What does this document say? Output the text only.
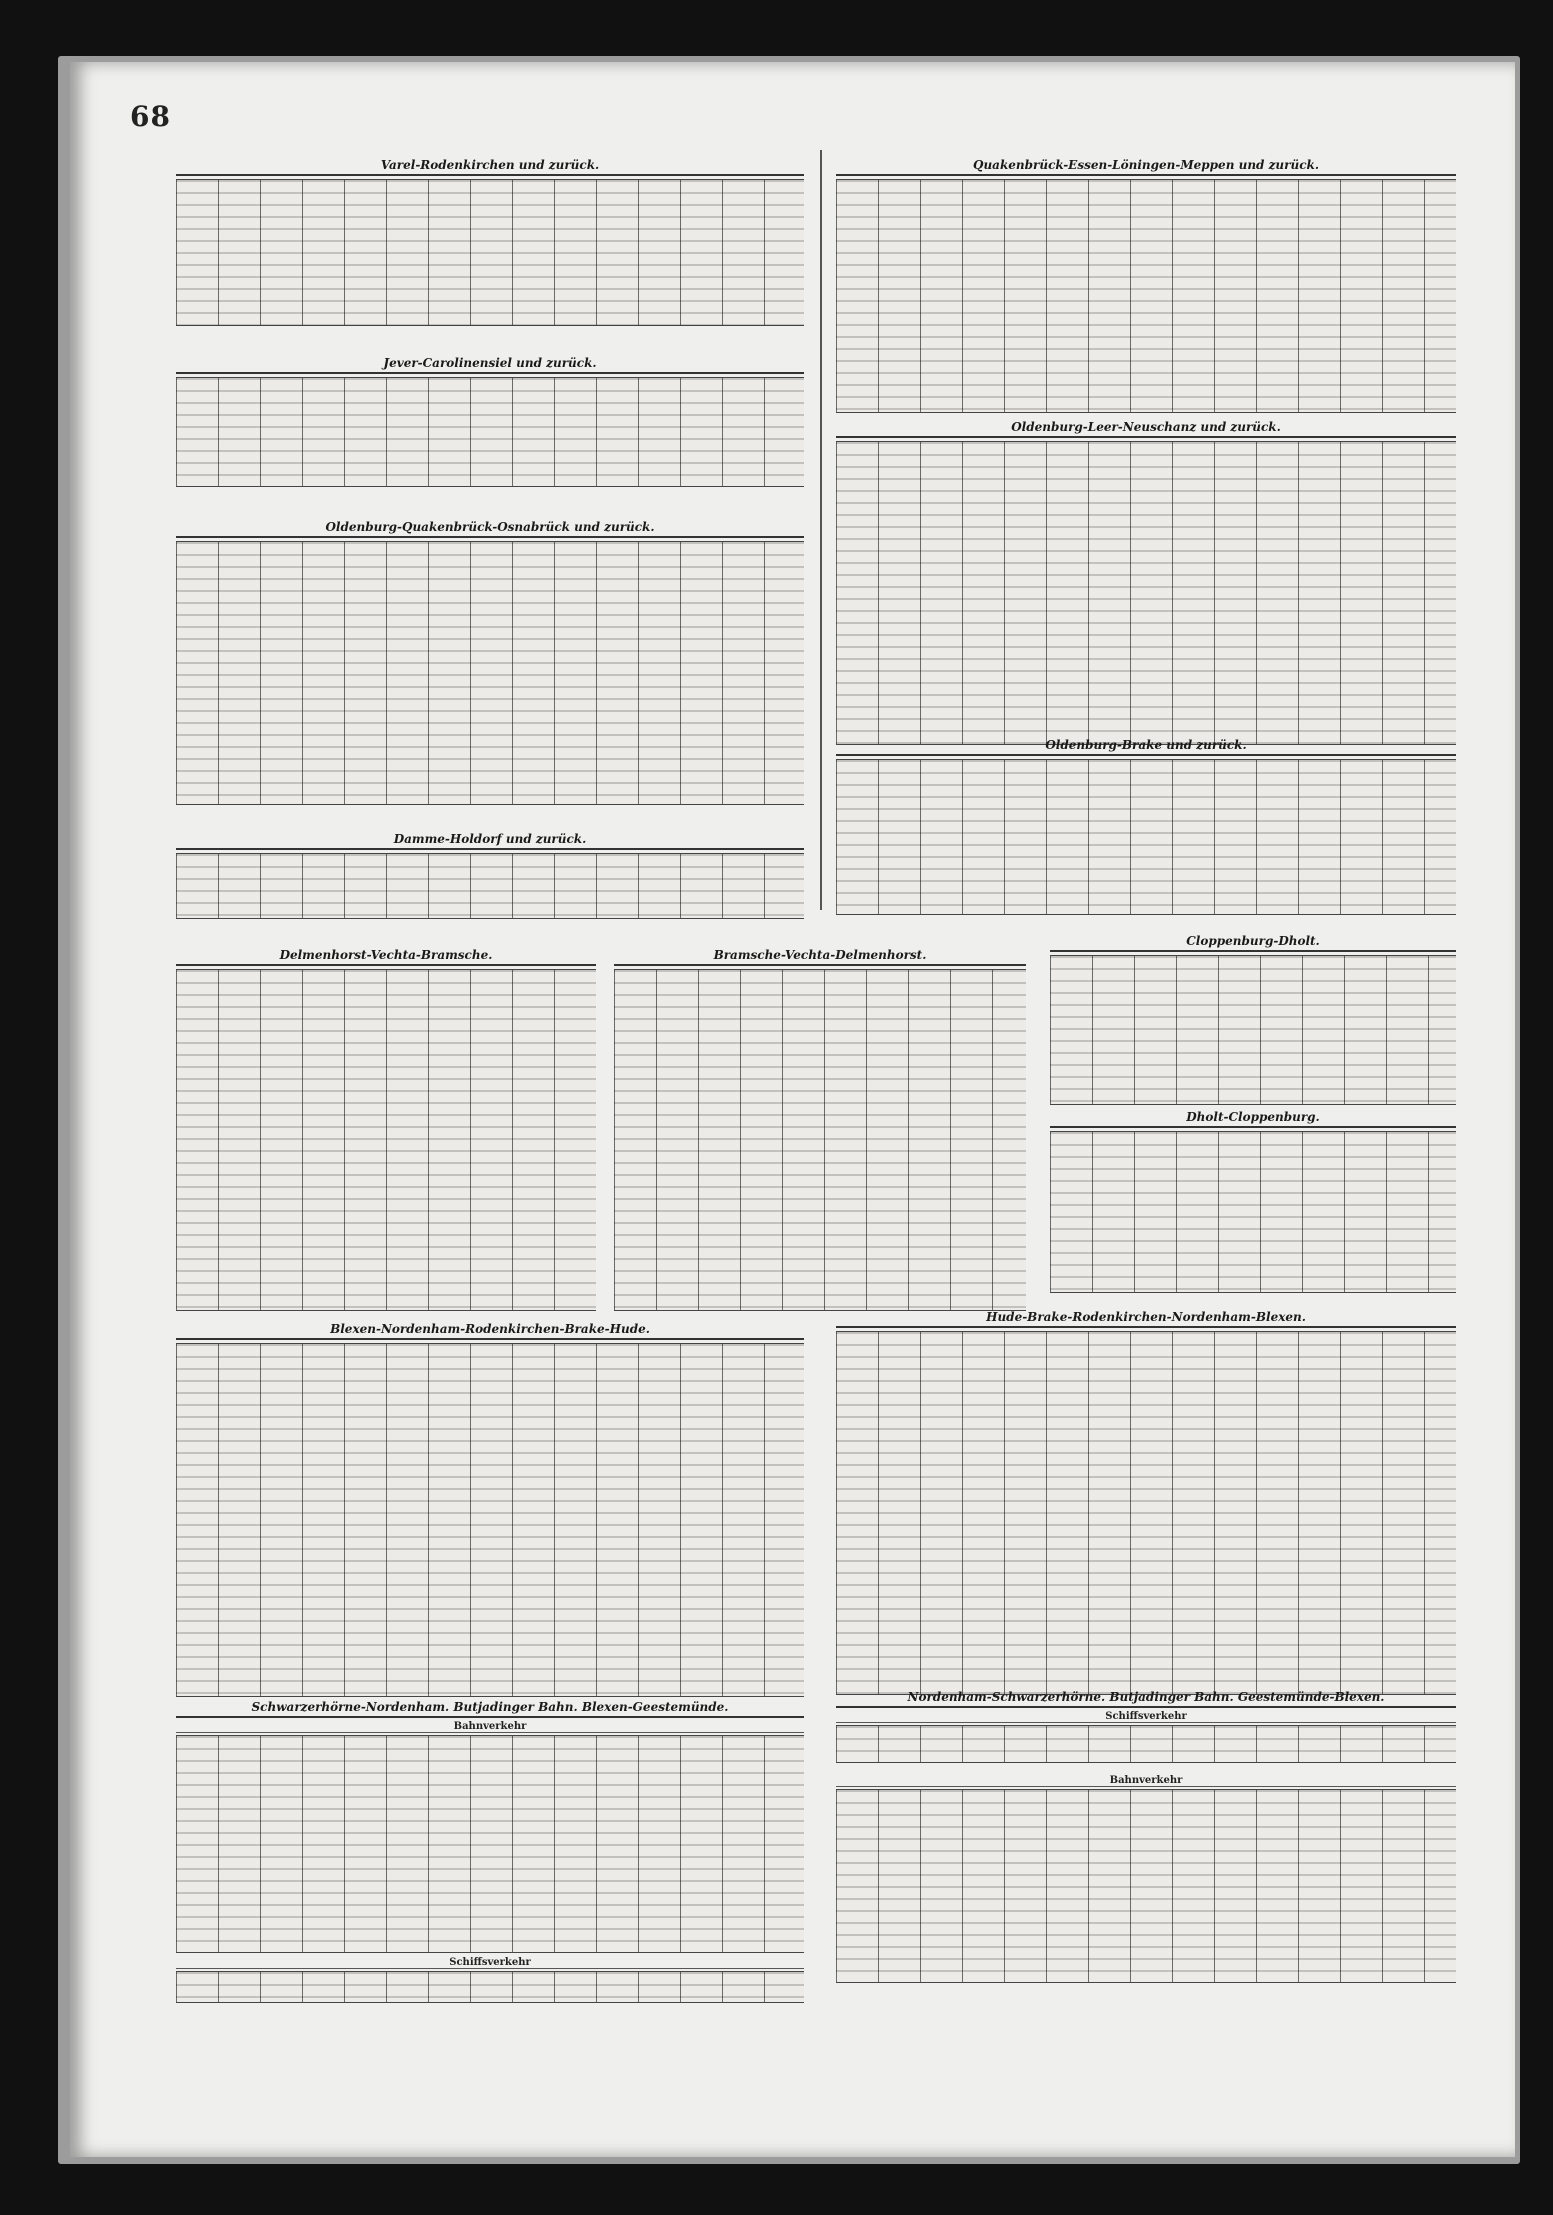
68
Varel-Rodenkirchen und zurück.
Jever-Carolinensiel und zurück.
Oldenburg-Quakenbrück-Osnabrück und zurück.
Damme-Holdorf und zurück.
Delmenhorst-Vechta-Bramsche.	Bramsche-Vechta-Delmenhorst.
Blexen-Nordenham-Rodenkirchen-Brake-Hude.
Schwarzerhörne-Nordenham. Butjadinger Bahn. Blexen-Geestemünde.
Bahnverkehr
Schiffsverkehr
Quakenbrück-Essen-Löningen-Meppen und zurück.
Oldenburg-Leer-Neuschanz und zurück.
Oldenburg-Brake und zurück.
Cloppenburg-Dholt.
Dholt-Cloppenburg.
Hude-Brake-Rodenkirchen-Nordenham-Blexen.
Nordenham-Schwarzerhörne. Butjadinger Bahn. Geestemünde-Blexen.
Schiffsverkehr
Bahnverkehr
